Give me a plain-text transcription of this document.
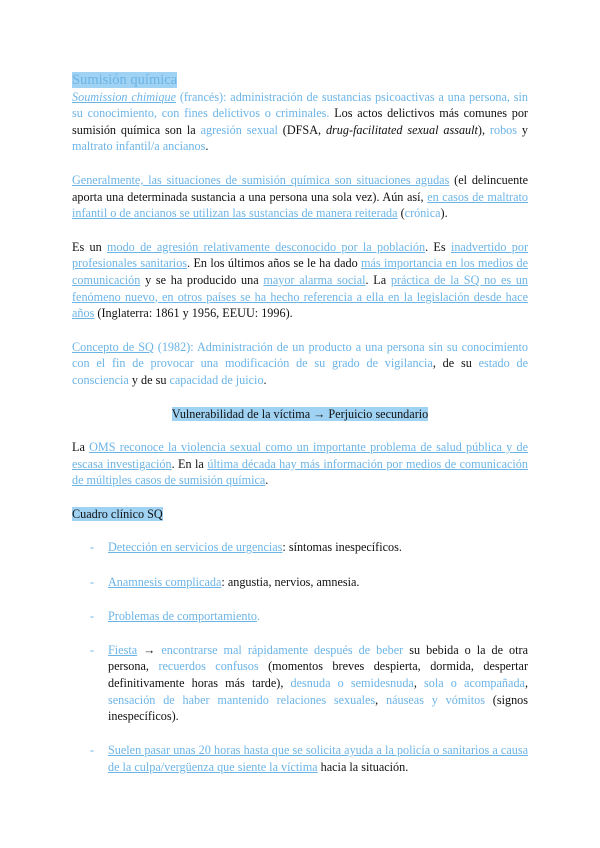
Sumisión química

Soumission chimique (francés): administración de sustancias psicoactivas a una persona, sin su conocimiento, con fines delictivos o criminales. Los actos delictivos más comunes por sumisión química son la agresión sexual (DFSA, drug-facilitated sexual assault), robos y maltrato infantil/a ancianos.

Generalmente, las situaciones de sumisión química son situaciones agudas (el delincuente aporta una determinada sustancia a una persona una sola vez). Aún así, en casos de maltrato infantil o de ancianos se utilizan las sustancias de manera reiterada (crónica).

Es un modo de agresión relativamente desconocido por la población. Es inadvertido por profesionales sanitarios. En los últimos años se le ha dado más importancia en los medios de comunicación y se ha producido una mayor alarma social. La práctica de la SQ no es un fenómeno nuevo, en otros países se ha hecho referencia a ella en la legislación desde hace años (Inglaterra: 1861 y 1956, EEUU: 1996).

Concepto de SQ (1982): Administración de un producto a una persona sin su conocimiento con el fin de provocar una modificación de su grado de vigilancia, de su estado de consciencia y de su capacidad de juicio.

Vulnerabilidad de la víctima → Perjuicio secundario

La OMS reconoce la violencia sexual como un importante problema de salud pública y de escasa investigación. En la última década hay más información por medios de comunicación de múltiples casos de sumisión química.

Cuadro clínico SQ

- Detección en servicios de urgencias: síntomas inespecíficos.
- Anamnesis complicada: angustia, nervios, amnesia.
- Problemas de comportamiento.
- Fiesta → encontrarse mal rápidamente después de beber su bebida o la de otra persona, recuerdos confusos (momentos breves despierta, dormida, despertar definitivamente horas más tarde), desnuda o semidesnuda, sola o acompañada, sensación de haber mantenido relaciones sexuales, náuseas y vómitos (signos inespecíficos).
- Suelen pasar unas 20 horas hasta que se solicita ayuda a la policía o sanitarios a causa de la culpa/vergüenza que siente la víctima hacia la situación.
